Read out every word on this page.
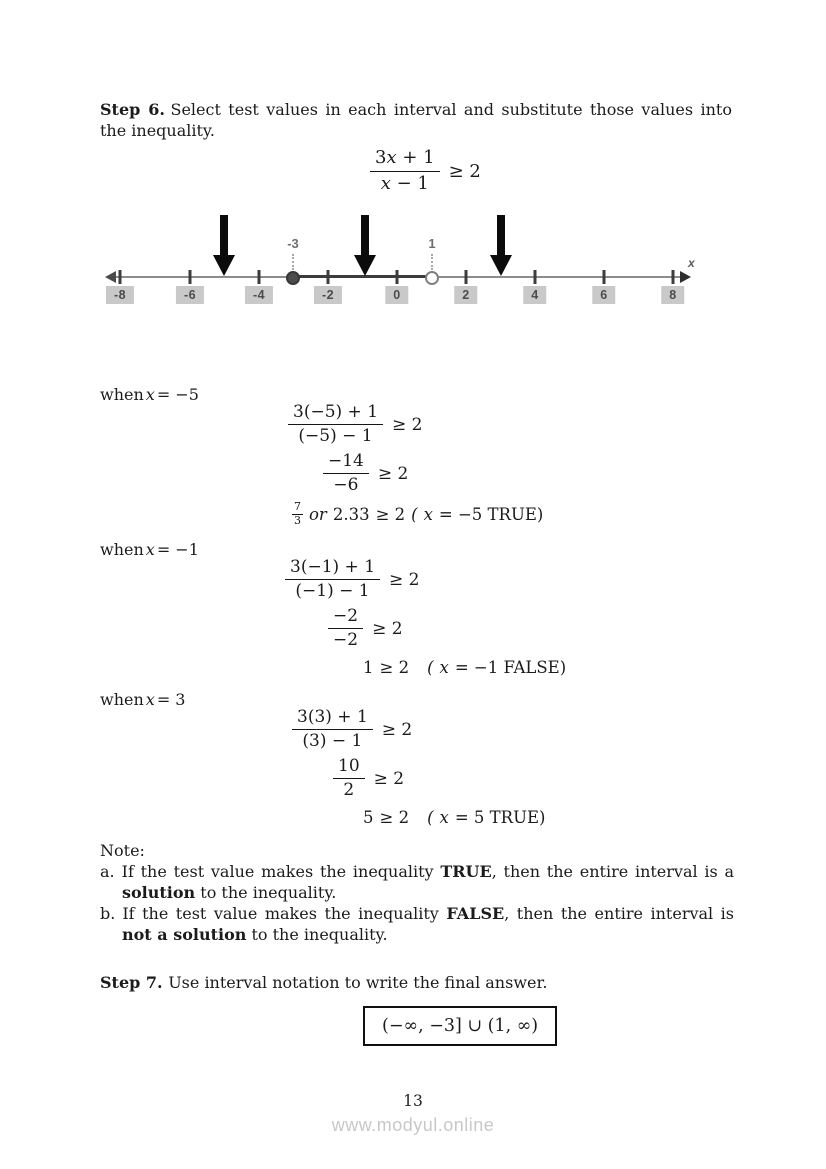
Step 6. Select test values in each interval and substitute those values into the inequality.

$\frac{3x + 1}{x - 1} \ge 2$
-8	-6	-4	-2	0	2	4	6	8
-3	1
x
when x = −5
$\frac{3(-5) + 1}{(-5) - 1} \ge 2$
$\frac{-14}{-6} \ge 2$
$\frac{7}{3}$ or 2.33 ≥ 2 ( x = −5 TRUE)
when x = −1
$\frac{3(-1) + 1}{(-1) - 1} \ge 2$
$\frac{-2}{-2} \ge 2$
1 ≥ 2 ( x = −1 FALSE)
when x = 3
$\frac{3(3) + 1}{(3) - 1} \ge 2$
$\frac{10}{2} \ge 2$
5 ≥ 2 ( x = 5 TRUE)

Note:

a. If the test value makes the inequality TRUE, then the entire interval is a solution to the inequality.

b. If the test value makes the inequality FALSE, then the entire interval is not a solution to the inequality.

Step 7. Use interval notation to write the final answer.

(−∞, −3] ∪ (1, ∞)
13
www.modyul.online
